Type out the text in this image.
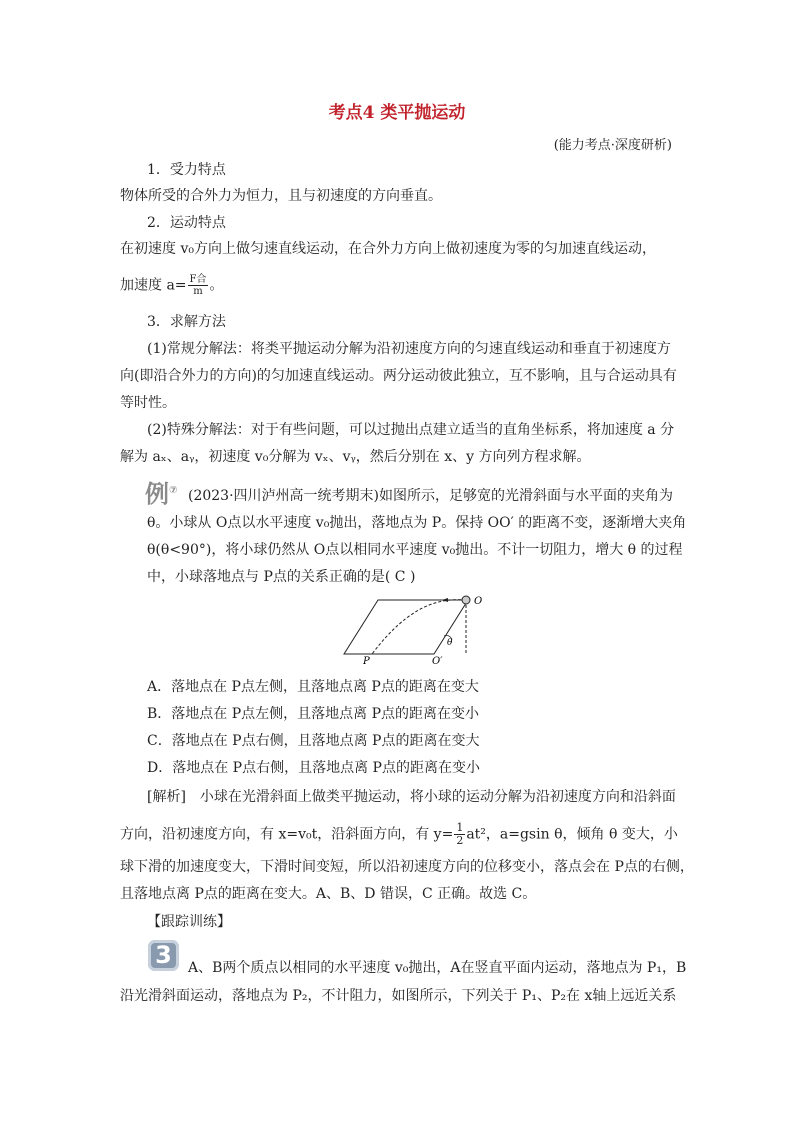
考点4 类平抛运动
(能力考点·深度研析)
1．受力特点
物体所受的合外力为恒力，且与初速度的方向垂直。
2．运动特点
在初速度 v₀方向上做匀速直线运动，在合外力方向上做初速度为零的匀加速直线运动，
加速度 $a= \frac{\text{F合}}{m}$ 。
3．求解方法
(1)常规分解法：将类平抛运动分解为沿初速度方向的匀速直线运动和垂直于初速度方
向(即沿合外力的方向)的匀加速直线运动。两分运动彼此独立，互不影响，且与合运动具有
等时性。
(2)特殊分解法：对于有些问题，可以过抛出点建立适当的直角坐标系，将加速度 a 分
解为 aₓ、aᵧ，初速度 v₀分解为 vₓ、vᵧ，然后分别在 x、y 方向列方程求解。
例⑦ (2023·四川泸州高一统考期末)如图所示，足够宽的光滑斜面与水平面的夹角为
θ。小球从 O点以水平速度 v₀抛出，落地点为 P。保持 OO′ 的距离不变，逐渐增大夹角
θ(θ<90°)，将小球仍然从 O点以相同水平速度 v₀抛出。不计一切阻力，增大 θ 的过程
中，小球落地点与 P点的关系正确的是( C )
O
P	O′
θ
A．落地点在 P点左侧，且落地点离 P点的距离在变大
B．落地点在 P点左侧，且落地点离 P点的距离在变小
C．落地点在 P点右侧，且落地点离 P点的距离在变大
D．落地点在 P点右侧，且落地点离 P点的距离在变小
[解析]　小球在光滑斜面上做类平抛运动，将小球的运动分解为沿初速度方向和沿斜面
方向，沿初速度方向，有 x=v₀t，沿斜面方向，有 $y= \frac{1}{2} at^2$，a=gsin θ，倾角 θ 变大，小
球下滑的加速度变大，下滑时间变短，所以沿初速度方向的位移变小，落点会在 P点的右侧，
且落地点离 P点的距离在变大。A、B、D 错误，C 正确。故选 C。
【跟踪训练】
3	A、B两个质点以相同的水平速度 v₀抛出，A在竖直平面内运动，落地点为 P₁，B
沿光滑斜面运动，落地点为 P₂，不计阻力，如图所示，下列关于 P₁、P₂在 x轴上远近关系
